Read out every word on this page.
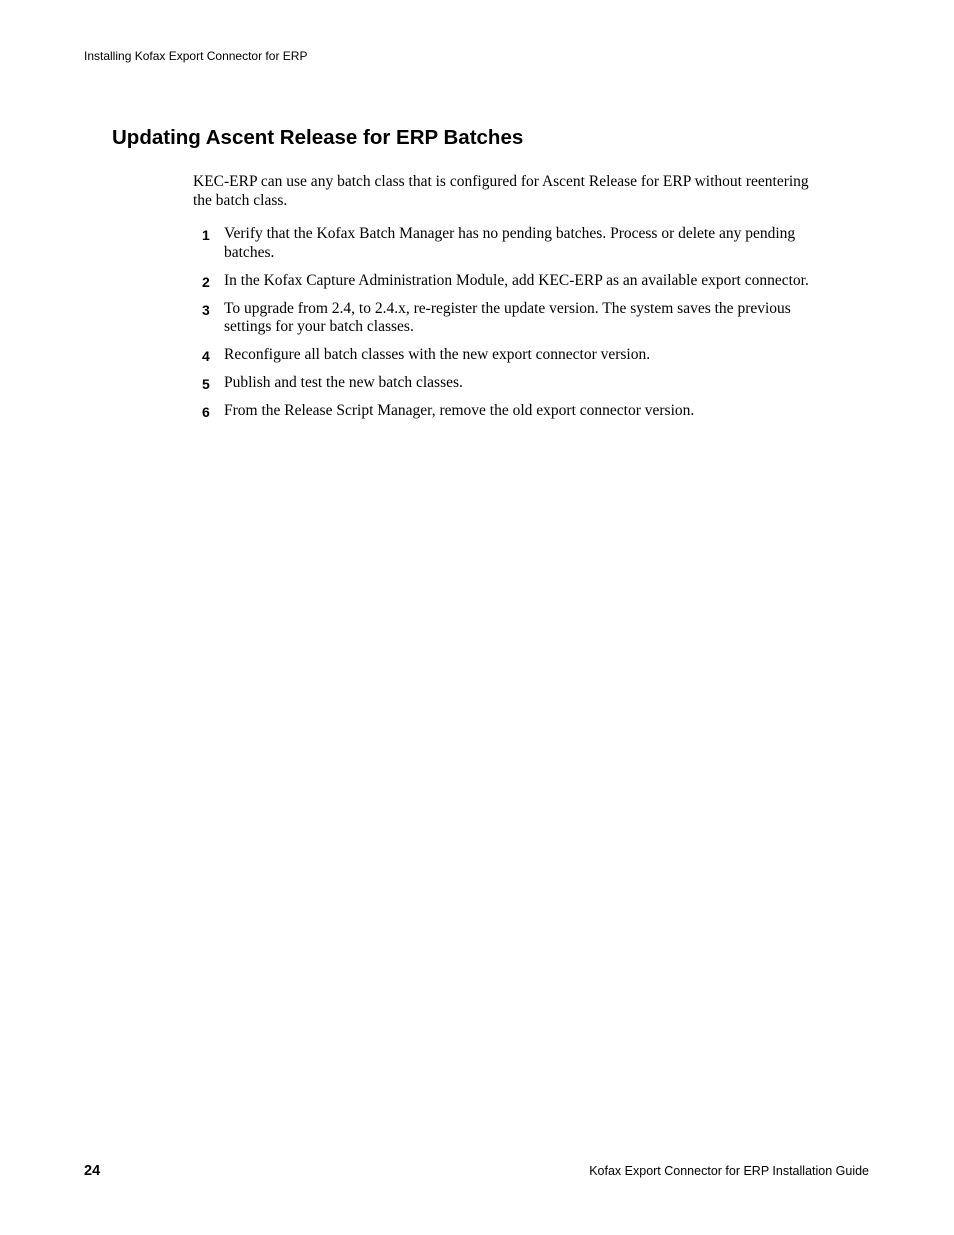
Installing Kofax Export Connector for ERP
Updating Ascent Release for ERP Batches

KEC-ERP can use any batch class that is configured for Ascent Release for ERP without reentering the batch class.

1 Verify that the Kofax Batch Manager has no pending batches. Process or delete any pending batches.
2 In the Kofax Capture Administration Module, add KEC-ERP as an available export connector.
3 To upgrade from 2.4, to 2.4.x, re-register the update version. The system saves the previous settings for your batch classes.
4 Reconfigure all batch classes with the new export connector version.
5 Publish and test the new batch classes.
6 From the Release Script Manager, remove the old export connector version.
24	Kofax Export Connector for ERP Installation Guide
